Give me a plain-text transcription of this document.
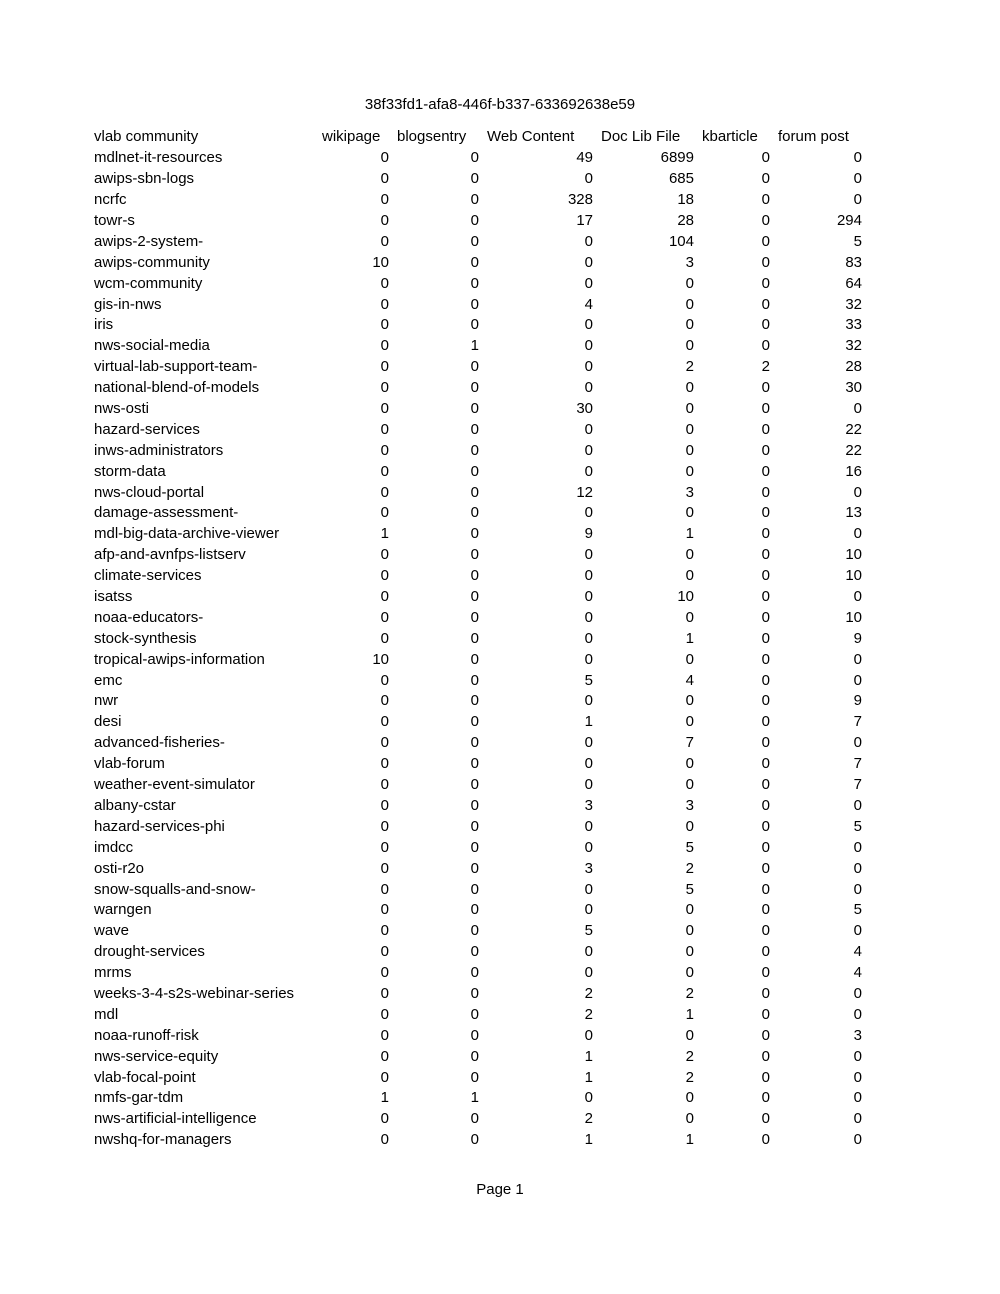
38f33fd1-afa8-446f-b337-633692638e59
vlab community	wikipage	blogsentry	Web Content	Doc Lib File	kbarticle	forum post
mdlnet-it-resources	0	0	49	6899	0	0
awips-sbn-logs	0	0	0	685	0	0
ncrfc	0	0	328	18	0	0
towr-s	0	0	17	28	0	294
awips-2-system-	0	0	0	104	0	5
awips-community	10	0	0	3	0	83
wcm-community	0	0	0	0	0	64
gis-in-nws	0	0	4	0	0	32
iris	0	0	0	0	0	33
nws-social-media	0	1	0	0	0	32
virtual-lab-support-team-	0	0	0	2	2	28
national-blend-of-models	0	0	0	0	0	30
nws-osti	0	0	30	0	0	0
hazard-services	0	0	0	0	0	22
inws-administrators	0	0	0	0	0	22
storm-data	0	0	0	0	0	16
nws-cloud-portal	0	0	12	3	0	0
damage-assessment-	0	0	0	0	0	13
mdl-big-data-archive-viewer	1	0	9	1	0	0
afp-and-avnfps-listserv	0	0	0	0	0	10
climate-services	0	0	0	0	0	10
isatss	0	0	0	10	0	0
noaa-educators-	0	0	0	0	0	10
stock-synthesis	0	0	0	1	0	9
tropical-awips-information	10	0	0	0	0	0
emc	0	0	5	4	0	0
nwr	0	0	0	0	0	9
desi	0	0	1	0	0	7
advanced-fisheries-	0	0	0	7	0	0
vlab-forum	0	0	0	0	0	7
weather-event-simulator	0	0	0	0	0	7
albany-cstar	0	0	3	3	0	0
hazard-services-phi	0	0	0	0	0	5
imdcc	0	0	0	5	0	0
osti-r2o	0	0	3	2	0	0
snow-squalls-and-snow-	0	0	0	5	0	0
warngen	0	0	0	0	0	5
wave	0	0	5	0	0	0
drought-services	0	0	0	0	0	4
mrms	0	0	0	0	0	4
weeks-3-4-s2s-webinar-series	0	0	2	2	0	0
mdl	0	0	2	1	0	0
noaa-runoff-risk	0	0	0	0	0	3
nws-service-equity	0	0	1	2	0	0
vlab-focal-point	0	0	1	2	0	0
nmfs-gar-tdm	1	1	0	0	0	0
nws-artificial-intelligence	0	0	2	0	0	0
nwshq-for-managers	0	0	1	1	0	0
Page 1
